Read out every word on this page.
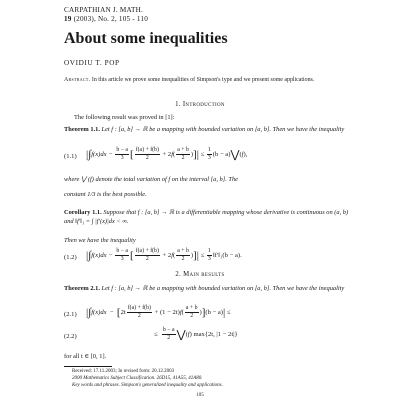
CARPATHIAN J. MATH.
19 (2003), No. 2, 105 - 110
About some inequalities
OVIDIU T. POP
Abstract. In this article we prove some inequalities of Simpson's type and we present some applications.
1. Introduction
The following result was proved in [1]:
Theorem 1.1. Let f : [a, b] → ℝ be a mapping with bounded variation on [a, b]. Then we have the inequality
(1.1) $|\int f(x)dx - \frac{b - a}{3}$ [ $\frac{f(a) + f(b)}{2} + 2f( \frac{a + b}{2}$ )]| ≤ $\frac{1}{3} (b$ − a)⋁(f),
where ⋁ (f) denote the total variation of f on the interval [a, b]. The
constant 1/3 is the best possible.
Corollary 1.1. Suppose that f : [a, b] → ℝ is a differentiable mapping whose derivative is continuous on (a, b) and ‖f′‖₁ = ∫ |f′(x)|dx < ∞.
Then we have the inequality
(1.2) $|\int f(x)dx - \frac{b - a}{3}$ [ $\frac{f(a) + f(b)}{2} + 2f( \frac{a + b}{2}$ )]| ≤ $\frac{1}{3}$ ‖f′‖₁(b − a).
2. Main results
Theorem 2.1. Let f : [a, b] → ℝ be a mapping with bounded variation on [a, b]. Then we have the inequality
(2.1) $|\int f(x)dx - [2t \frac{f(a) + f(b)}{2} + (1 - 2t)f( \frac{a + b}{2} )](b - a)|$ ≤
(2.2)	≤ $\frac{b - a}{2}$ ⋁(f) max{2t, |1 − 2t|}
for all t ∈ [0, 1].
Received: 17.11.2003; In revised form: 20.12.2003
2000 Mathematics Subject Classification. 26D15, 41A55, 41A80.
Key words and phrases. Simpson's generalized inequality and applications.
105
